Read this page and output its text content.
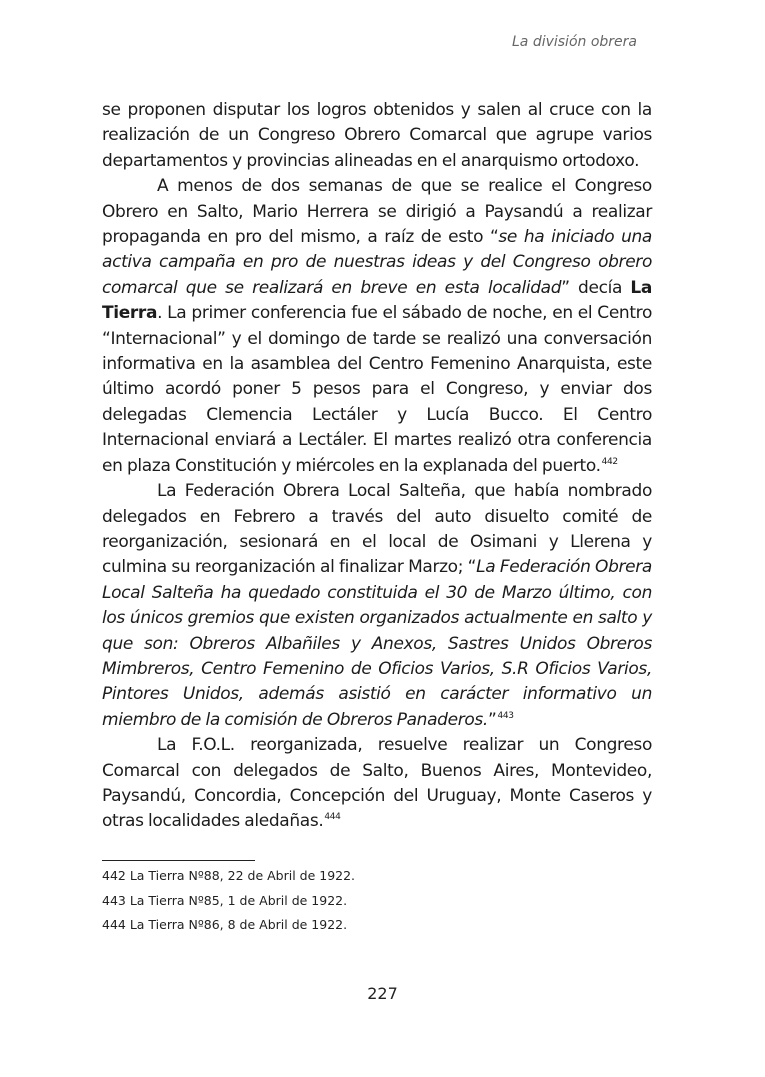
La división obrera

se proponen disputar los logros obtenidos y salen al cruce con la realización de un Congreso Obrero Comarcal que agrupe varios departamentos y provincias alineadas en el anarquismo ortodoxo.

A menos de dos semanas de que se realice el Congreso Obrero en Salto, Mario Herrera se dirigió a Paysandú a realizar propaganda en pro del mismo, a raíz de esto “se ha iniciado una activa campaña en pro de nuestras ideas y del Congreso obrero comarcal que se realizará en breve en esta localidad” decía La Tierra. La primer conferencia fue el sábado de noche, en el Centro “Internacional” y el domingo de tarde se realizó una conversación informativa en la asamblea del Centro Femenino Anarquista, este último acordó poner 5 pesos para el Congreso, y enviar dos delegadas Clemencia Lectáler y Lucía Bucco. El Centro Internacional enviará a Lectáler. El martes realizó otra conferencia en plaza Constitución y miércoles en la explanada del puerto.$^{442}$

La Federación Obrera Local Salteña, que había nombrado delegados en Febrero a través del auto disuelto comité de reorganización, sesionará en el local de Osimani y Llerena y culmina su reorganización al finalizar Marzo; “La Federación Obrera Local Salteña ha quedado constituida el 30 de Marzo último, con los únicos gremios que existen organizados actualmente en salto y que son: Obreros Albañiles y Anexos, Sastres Unidos Obreros Mimbreros, Centro Femenino de Oficios Varios, S.R Oficios Varios, Pintores Unidos, además asistió en carácter informativo un miembro de la comisión de Obreros Panaderos.”$^{443}$

La F.O.L. reorganizada, resuelve realizar un Congreso Comarcal con delegados de Salto, Buenos Aires, Montevideo, Paysandú, Concordia, Concepción del Uruguay, Monte Caseros y otras localidades aledañas.$^{444}$

442 La Tierra Nº88, 22 de Abril de 1922.
443 La Tierra Nº85, 1 de Abril de 1922.
444 La Tierra Nº86, 8 de Abril de 1922.
227
